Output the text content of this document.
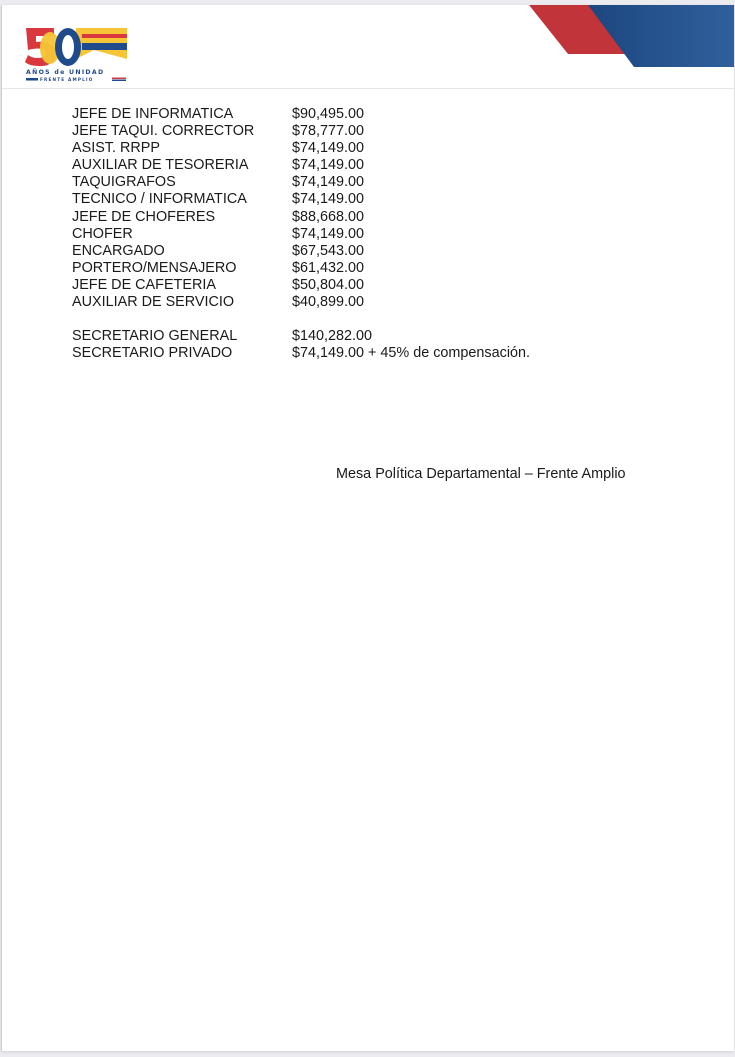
AÑOS de UNIDAD
FRENTE AMPLIO
JEFE DE INFORMATICA	$90,495.00
JEFE TAQUI. CORRECTOR	$78,777.00
ASIST. RRPP	$74,149.00
AUXILIAR DE TESORERIA	$74,149.00
TAQUIGRAFOS	$74,149.00
TECNICO / INFORMATICA	$74,149.00
JEFE DE CHOFERES	$88,668.00
CHOFER	$74,149.00
ENCARGADO	$67,543.00
PORTERO/MENSAJERO	$61,432.00
JEFE DE CAFETERIA	$50,804.00
AUXILIAR DE SERVICIO	$40,899.00
SECRETARIO GENERAL	$140,282.00
SECRETARIO PRIVADO	$74,149.00 + 45% de compensación.
Mesa Política Departamental – Frente Amplio
